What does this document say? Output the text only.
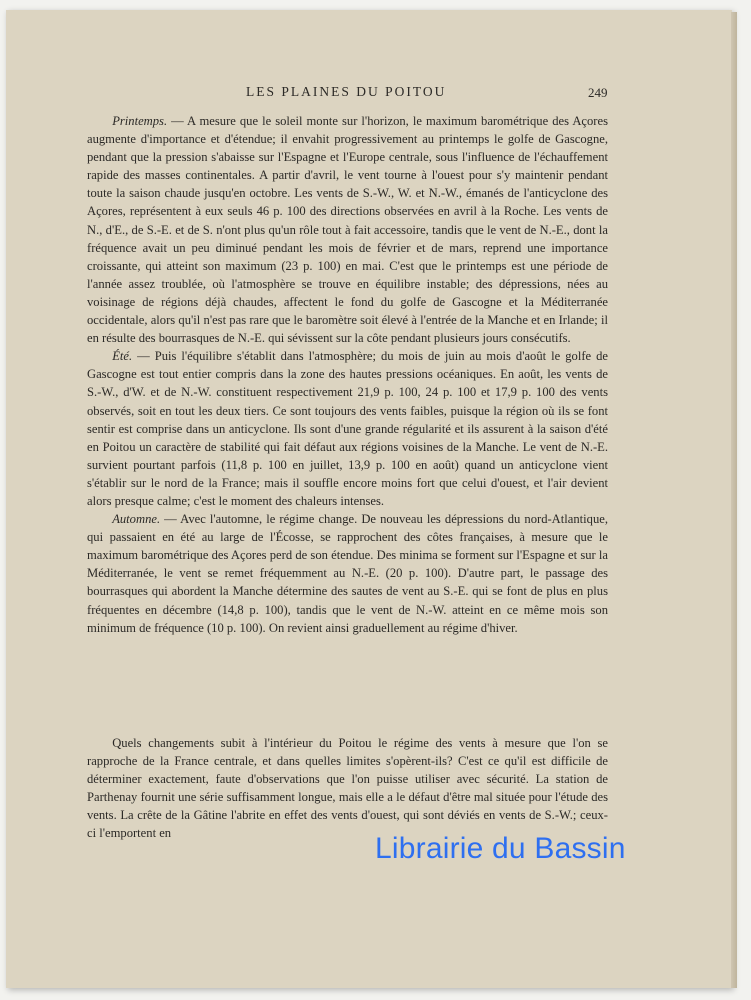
LES PLAINES DU POITOU	249

  Printemps. — A mesure que le soleil monte sur l'horizon, le maximum barométrique des Açores augmente d'importance et d'étendue; il envahit progressivement au printemps le golfe de Gascogne, pendant que la pression s'abaisse sur l'Espagne et l'Europe centrale, sous l'influence de l'échauffement rapide des masses continentales. A partir d'avril, le vent tourne à l'ouest pour s'y maintenir pendant toute la saison chaude jusqu'en octobre. Les vents de S.-W., W. et N.-W., émanés de l'anticyclone des Açores, représentent à eux seuls 46 p. 100 des directions observées en avril à la Roche. Les vents de N., d'E., de S.-E. et de S. n'ont plus qu'un rôle tout à fait accessoire, tandis que le vent de N.-E., dont la fréquence avait un peu diminué pendant les mois de février et de mars, reprend une importance croissante, qui atteint son maximum (23 p. 100) en mai. C'est que le printemps est une période de l'année assez troublée, où l'atmosphère se trouve en équilibre instable; des dépressions, nées au voisinage de régions déjà chaudes, affectent le fond du golfe de Gascogne et la Méditerranée occidentale, alors qu'il n'est pas rare que le baromètre soit élevé à l'entrée de la Manche et en Irlande; il en résulte des bourrasques de N.-E. qui sévissent sur la côte pendant plusieurs jours consécutifs.

  Été. — Puis l'équilibre s'établit dans l'atmosphère; du mois de juin au mois d'août le golfe de Gascogne est tout entier compris dans la zone des hautes pressions océaniques. En août, les vents de S.-W., d'W. et de N.-W. constituent respectivement 21,9 p. 100, 24 p. 100 et 17,9 p. 100 des vents observés, soit en tout les deux tiers. Ce sont toujours des vents faibles, puisque la région où ils se font sentir est comprise dans un anticyclone. Ils sont d'une grande régularité et ils assurent à la saison d'été en Poitou un caractère de stabilité qui fait défaut aux régions voisines de la Manche. Le vent de N.-E. survient pourtant parfois (11,8 p. 100 en juillet, 13,9 p. 100 en août) quand un anticyclone vient s'établir sur le nord de la France; mais il souffle encore moins fort que celui d'ouest, et l'air devient alors presque calme; c'est le moment des chaleurs intenses.

  Automne. — Avec l'automne, le régime change. De nouveau les dépressions du nord-Atlantique, qui passaient en été au large de l'Écosse, se rapprochent des côtes françaises, à mesure que le maximum barométrique des Açores perd de son étendue. Des minima se forment sur l'Espagne et sur la Méditerranée, le vent se remet fréquemment au N.-E. (20 p. 100). D'autre part, le passage des bourrasques qui abordent la Manche détermine des sautes de vent au S.-E. qui se font de plus en plus fréquentes en décembre (14,8 p. 100), tandis que le vent de N.-W. atteint en ce même mois son minimum de fréquence (10 p. 100). On revient ainsi graduellement au régime d'hiver.

  Quels changements subit à l'intérieur du Poitou le régime des vents à mesure que l'on se rapproche de la France centrale, et dans quelles limites s'opèrent-ils? C'est ce qu'il est difficile de déterminer exactement, faute d'observations que l'on puisse utiliser avec sécurité. La station de Parthenay fournit une série suffisamment longue, mais elle a le défaut d'être mal située pour l'étude des vents. La crête de la Gâtine l'abrite en effet des vents d'ouest, qui sont déviés en vents de S.-W.; ceux-ci l'emportent en	Librairie du Bassin
